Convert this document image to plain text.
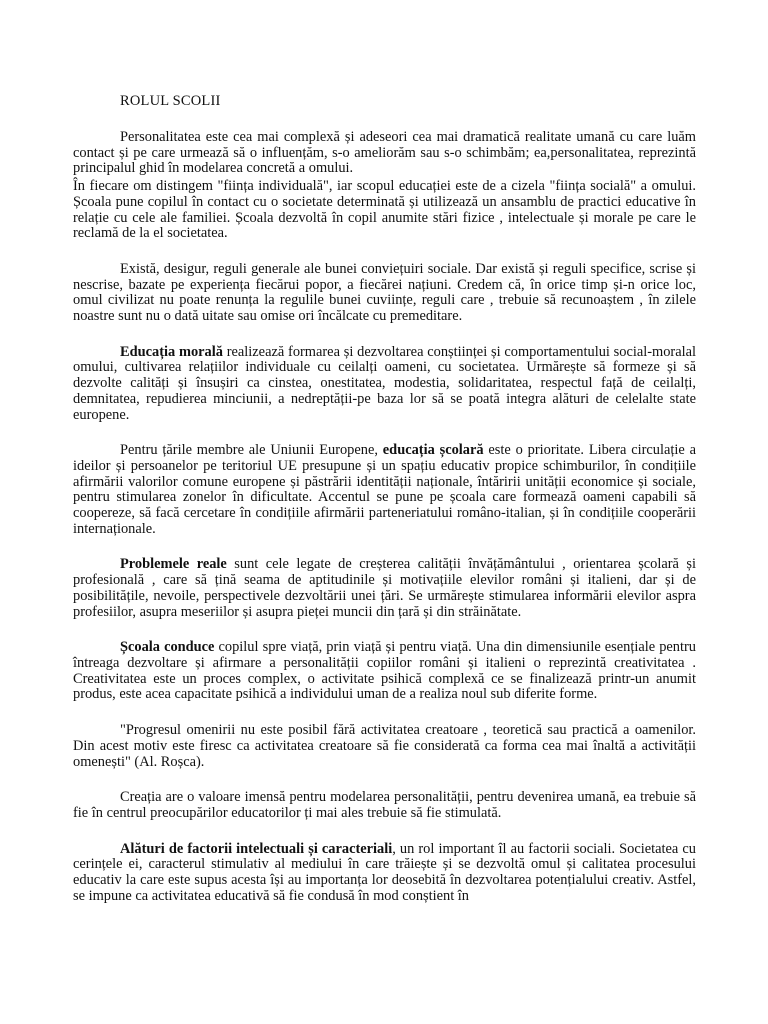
ROLUL SCOLII

Personalitatea este cea mai complexă și adeseori cea mai dramatică realitate umană cu care luăm contact și pe care urmează să o influențăm, s-o ameliorăm sau s-o schimbăm; ea,personalitatea, reprezintă principalul ghid în modelarea concretă a omului.

În fiecare om distingem "ființa individuală", iar scopul educației este de a cizela "ființa socială" a omului. Școala pune copilul în contact cu o societate determinată și utilizează un ansamblu de practici educative în relație cu cele ale familiei. Școala dezvoltă în copil anumite stări fizice , intelectuale și morale pe care le reclamă de la el societatea.

Există, desigur, reguli generale ale bunei conviețuiri sociale. Dar există și reguli specifice, scrise și nescrise, bazate pe experiența fiecărui popor, a fiecărei națiuni. Credem că, în orice timp și-n orice loc, omul civilizat nu poate renunța la regulile bunei cuviințe, reguli care , trebuie să recunoaștem , în zilele noastre sunt nu o dată uitate sau omise ori încălcate cu premeditare.

Educația morală realizează formarea și dezvoltarea conștiinței și comportamentului social-moralal omului, cultivarea relațiilor individuale cu ceilalți oameni, cu societatea. Urmărește să formeze și să dezvolte calități și însușiri ca cinstea, onestitatea, modestia, solidaritatea, respectul față de ceilalți, demnitatea, repudierea minciunii, a nedreptății-pe baza lor să se poată integra alături de celelalte state europene.

Pentru țările membre ale Uniunii Europene, educația școlară este o prioritate. Libera circulație a ideilor și persoanelor pe teritoriul UE presupune și un spațiu educativ propice schimburilor, în condițiile afirmării valorilor comune europene și păstrării identității naționale, întăririi unității economice și sociale, pentru stimularea zonelor în dificultate. Accentul se pune pe școala care formează oameni capabili să coopereze, să facă cercetare în condițiile afirmării parteneriatului româno-italian, și în condițiile cooperării internaționale.

Problemele reale sunt cele legate de creșterea calității învățământului , orientarea școlară și profesională , care să țină seama de aptitudinile și motivațiile elevilor români și italieni, dar și de posibilitățile, nevoile, perspectivele dezvoltării unei țări. Se urmărește stimularea informării elevilor aspra profesiilor, asupra meseriilor și asupra pieței muncii din țară și din străinătate.

Școala conduce copilul spre viață, prin viață și pentru viață. Una din dimensiunile esențiale pentru întreaga dezvoltare și afirmare a personalității copiilor români și italieni o reprezintă creativitatea . Creativitatea este un proces complex, o activitate psihică complexă ce se finalizează printr-un anumit produs, este acea capacitate psihică a individului uman de a realiza noul sub diferite forme.

"Progresul omenirii nu este posibil fără activitatea creatoare , teoretică sau practică a oamenilor. Din acest motiv este firesc ca activitatea creatoare să fie considerată ca forma cea mai înaltă a activității omenești" (Al. Roșca).

Creația are o valoare imensă pentru modelarea personalității, pentru devenirea umană, ea trebuie să fie în centrul preocupărilor educatorilor ți mai ales trebuie să fie stimulată.

Alături de factorii intelectuali și caracteriali, un rol important îl au factorii sociali. Societatea cu cerințele ei, caracterul stimulativ al mediului în care trăiește și se dezvoltă omul și calitatea procesului educativ la care este supus acesta își au importanța lor deosebită în dezvoltarea potențialului creativ. Astfel, se impune ca activitatea educativă să fie condusă în mod conștient în
